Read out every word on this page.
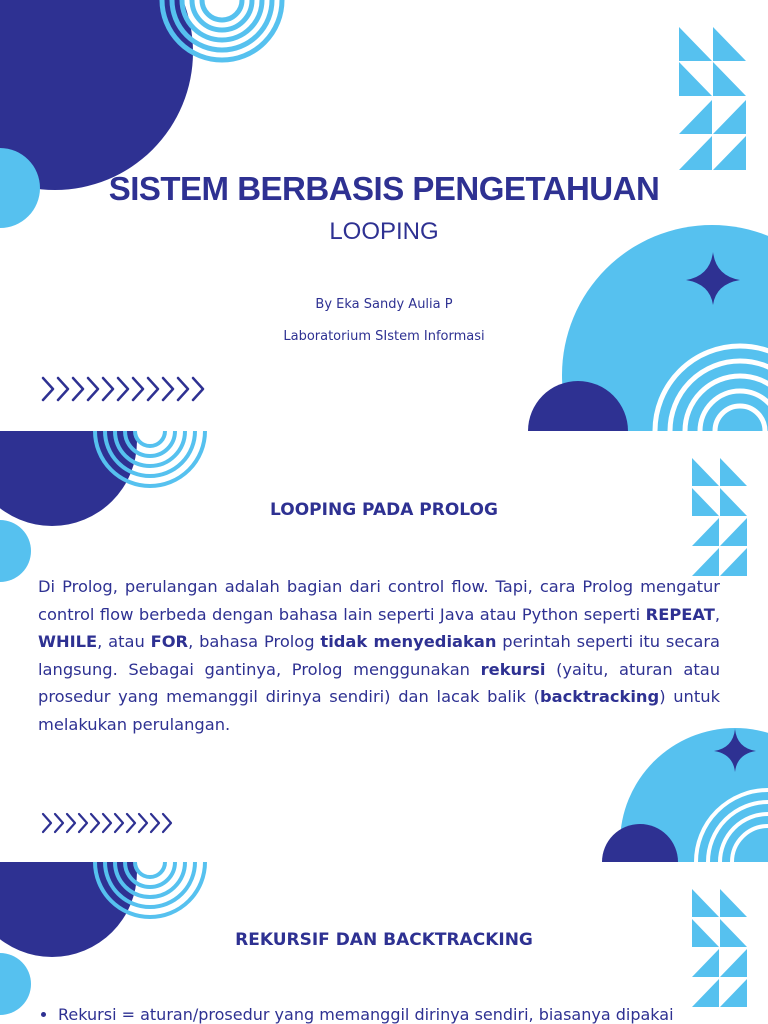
SISTEM BERBASIS PENGETAHUAN
LOOPING
By Eka Sandy Aulia P
Laboratorium SIstem Informasi
LOOPING PADA PROLOG

Di Prolog, perulangan adalah bagian dari control flow. Tapi, cara Prolog mengatur control flow berbeda dengan bahasa lain seperti Java atau Python seperti REPEAT, WHILE, atau FOR, bahasa Prolog tidak menyediakan perintah seperti itu secara langsung. Sebagai gantinya, Prolog menggunakan rekursi (yaitu, aturan atau prosedur yang memanggil dirinya sendiri) dan lacak balik (backtracking) untuk melakukan perulangan.

REKURSIF DAN BACKTRACKING
• Rekursi = aturan/prosedur yang memanggil dirinya sendiri, biasanya dipakai
